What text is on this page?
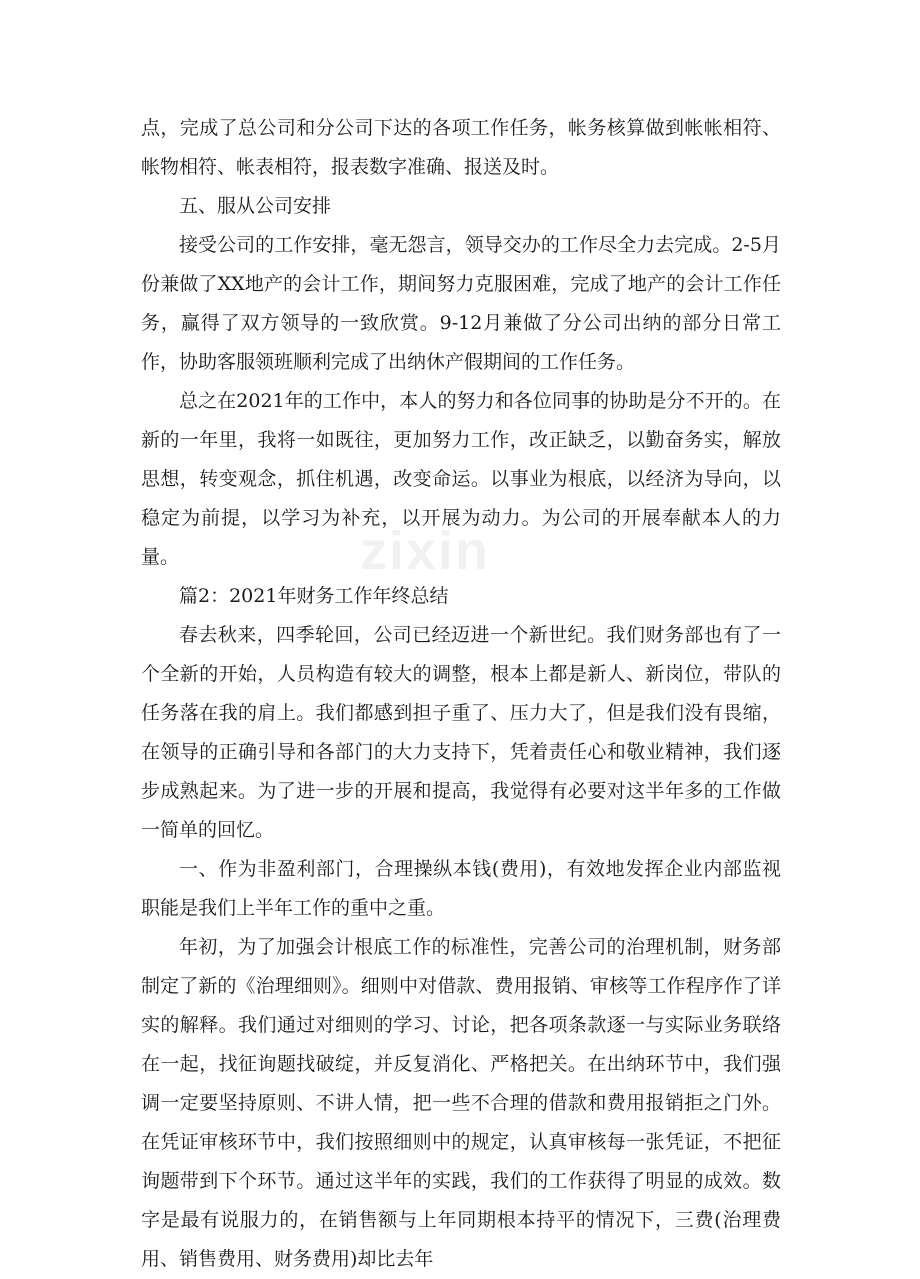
点，完成了总公司和分公司下达的各项工作任务，帐务核算做到帐帐相符、帐物相符、帐表相符，报表数字准确、报送及时。

五、服从公司安排

接受公司的工作安排，毫无怨言，领导交办的工作尽全力去完成。2-5月份兼做了XX地产的会计工作，期间努力克服困难，完成了地产的会计工作任务，赢得了双方领导的一致欣赏。9-12月兼做了分公司出纳的部分日常工作，协助客服领班顺利完成了出纳休产假期间的工作任务。

总之在2021年的工作中，本人的努力和各位同事的协助是分不开的。在新的一年里，我将一如既往，更加努力工作，改正缺乏，以勤奋务实，解放思想，转变观念，抓住机遇，改变命运。以事业为根底，以经济为导向，以稳定为前提，以学习为补充，以开展为动力。为公司的开展奉献本人的力量。

篇2：2021年财务工作年终总结

春去秋来，四季轮回，公司已经迈进一个新世纪。我们财务部也有了一个全新的开始，人员构造有较大的调整，根本上都是新人、新岗位，带队的任务落在我的肩上。我们都感到担子重了、压力大了，但是我们没有畏缩，在领导的正确引导和各部门的大力支持下，凭着责任心和敬业精神，我们逐步成熟起来。为了进一步的开展和提高，我觉得有必要对这半年多的工作做一简单的回忆。

一、作为非盈利部门，合理操纵本钱(费用)，有效地发挥企业内部监视职能是我们上半年工作的重中之重。

年初，为了加强会计根底工作的标准性，完善公司的治理机制，财务部制定了新的《治理细则》。细则中对借款、费用报销、审核等工作程序作了详实的解释。我们通过对细则的学习、讨论，把各项条款逐一与实际业务联络在一起，找征询题找破绽，并反复消化、严格把关。在出纳环节中，我们强调一定要坚持原则、不讲人情，把一些不合理的借款和费用报销拒之门外。在凭证审核环节中，我们按照细则中的规定，认真审核每一张凭证，不把征询题带到下个环节。通过这半年的实践，我们的工作获得了明显的成效。数字是最有说服力的，在销售额与上年同期根本持平的情况下，三费(治理费用、销售费用、财务费用)却比去年

zixin
